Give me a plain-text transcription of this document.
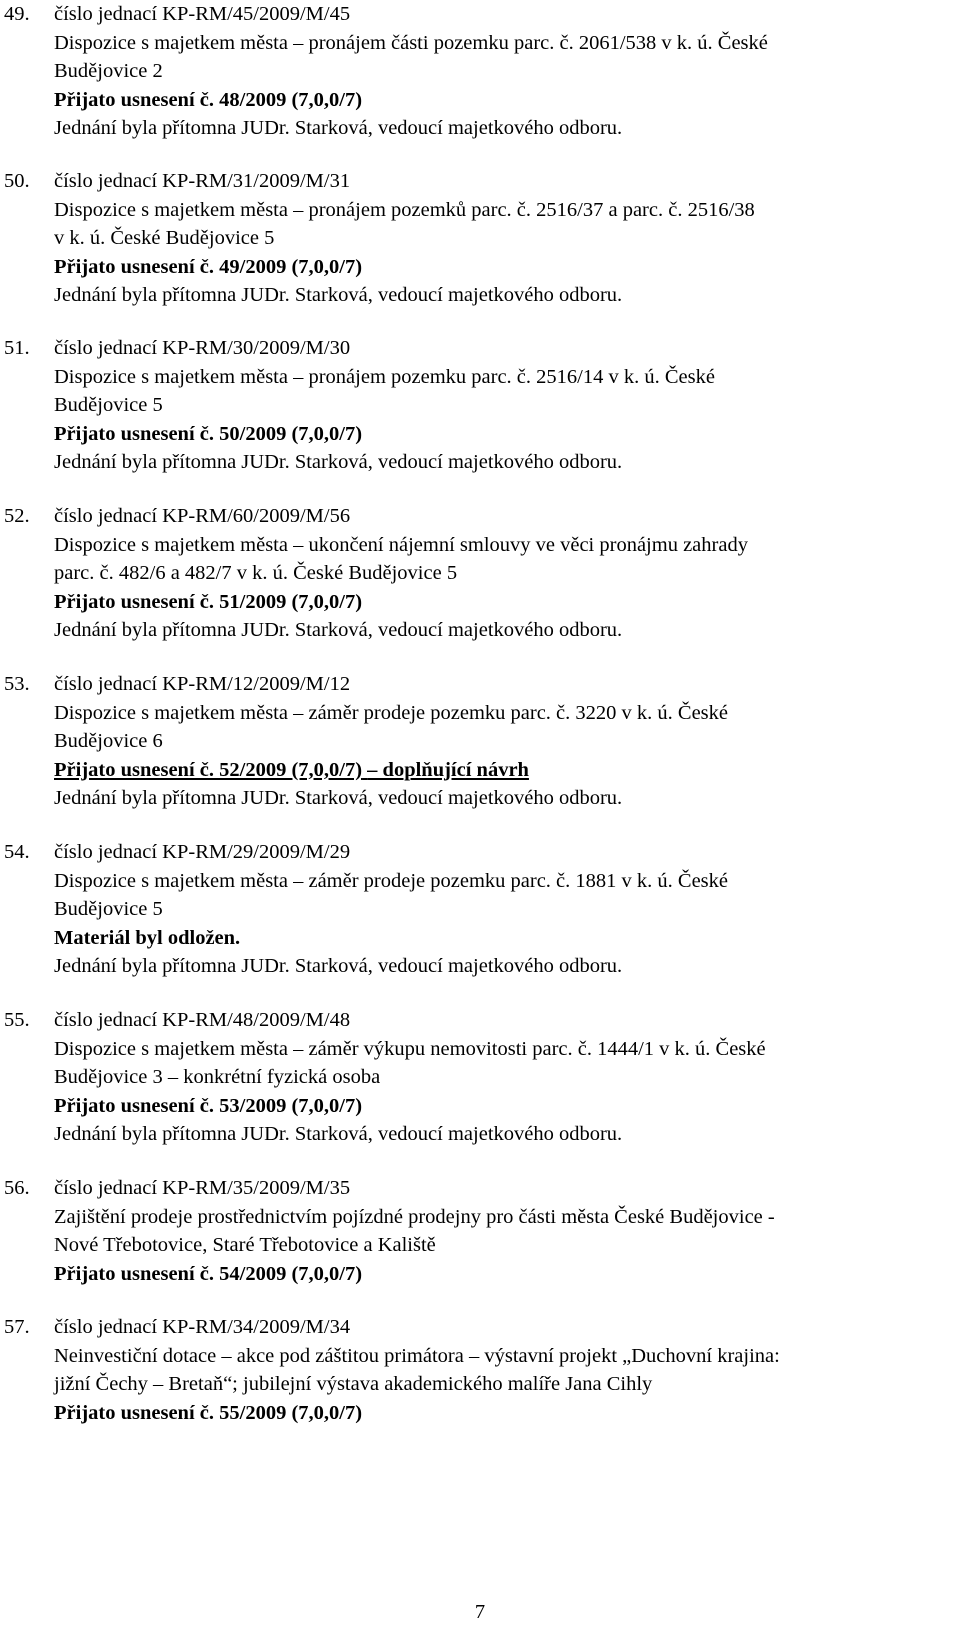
49.	číslo jednací KP-RM/45/2009/M/45
Dispozice s majetkem města – pronájem části pozemku parc. č. 2061/538 v k. ú. České
Budějovice 2
Přijato usnesení č. 48/2009 (7,0,0/7)
Jednání byla přítomna JUDr. Starková, vedoucí majetkového odboru.
50.	číslo jednací KP-RM/31/2009/M/31
Dispozice s majetkem města – pronájem pozemků parc. č. 2516/37 a parc. č. 2516/38
v k. ú. České Budějovice 5
Přijato usnesení č. 49/2009 (7,0,0/7)
Jednání byla přítomna JUDr. Starková, vedoucí majetkového odboru.
51.	číslo jednací KP-RM/30/2009/M/30
Dispozice s majetkem města – pronájem pozemku parc. č. 2516/14 v k. ú. České
Budějovice 5
Přijato usnesení č. 50/2009 (7,0,0/7)
Jednání byla přítomna JUDr. Starková, vedoucí majetkového odboru.
52.	číslo jednací KP-RM/60/2009/M/56
Dispozice s majetkem města – ukončení nájemní smlouvy ve věci pronájmu zahrady
parc. č. 482/6 a 482/7 v k. ú. České Budějovice 5
Přijato usnesení č. 51/2009 (7,0,0/7)
Jednání byla přítomna JUDr. Starková, vedoucí majetkového odboru.
53.	číslo jednací KP-RM/12/2009/M/12
Dispozice s majetkem města – záměr prodeje pozemku parc. č. 3220 v k. ú. České
Budějovice 6
Přijato usnesení č. 52/2009 (7,0,0/7) – doplňující návrh
Jednání byla přítomna JUDr. Starková, vedoucí majetkového odboru.
54.	číslo jednací KP-RM/29/2009/M/29
Dispozice s majetkem města – záměr prodeje pozemku parc. č. 1881 v k. ú. České
Budějovice 5
Materiál byl odložen.
Jednání byla přítomna JUDr. Starková, vedoucí majetkového odboru.
55.	číslo jednací KP-RM/48/2009/M/48
Dispozice s majetkem města – záměr výkupu nemovitosti parc. č. 1444/1 v k. ú. České
Budějovice 3 – konkrétní fyzická osoba
Přijato usnesení č. 53/2009 (7,0,0/7)
Jednání byla přítomna JUDr. Starková, vedoucí majetkového odboru.
56.	číslo jednací KP-RM/35/2009/M/35
Zajištění prodeje prostřednictvím pojízdné prodejny pro části města České Budějovice -
Nové Třebotovice, Staré Třebotovice a Kaliště
Přijato usnesení č. 54/2009 (7,0,0/7)
57.	číslo jednací KP-RM/34/2009/M/34
Neinvestiční dotace – akce pod záštitou primátora – výstavní projekt „Duchovní krajina:
jižní Čechy – Bretaň“; jubilejní výstava akademického malíře Jana Cihly
Přijato usnesení č. 55/2009 (7,0,0/7)
7
